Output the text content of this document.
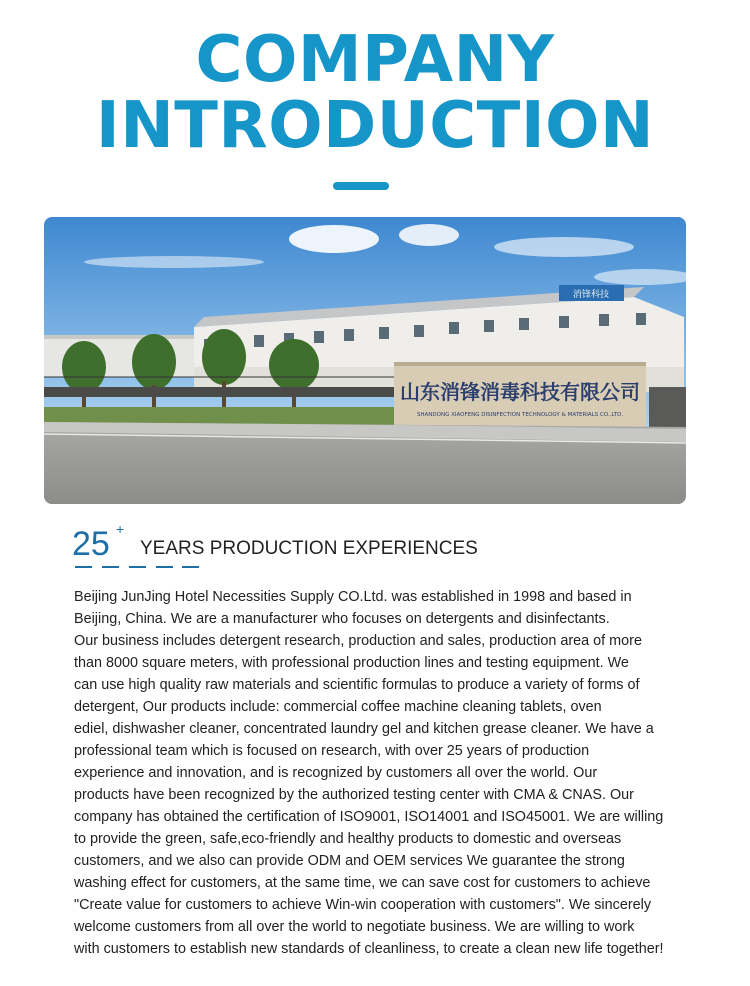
COMPANY
INTRODUCTION
消锋科技
山东消锋消毒科技有限公司
SHANDONG XIAOFENG DISINFECTION TECHNOLOGY & MATERIALS CO.,LTD.
25 +
YEARS PRODUCTION EXPERIENCES
Beijing JunJing Hotel Necessities Supply CO.Ltd. was established in 1998 and based in
Beijing, China. We are a manufacturer who focuses on detergents and disinfectants.
Our business includes detergent research, production and sales, production area of more
than 8000 square meters, with professional production lines and testing equipment. We
can use high quality raw materials and scientific formulas to produce a variety of forms of
detergent, Our products include: commercial coffee machine cleaning tablets, oven
ediel, dishwasher cleaner, concentrated laundry gel and kitchen grease cleaner. We have a
professional team which is focused on research, with over 25 years of production
experience and innovation, and is recognized by customers all over the world. Our
products have been recognized by the authorized testing center with CMA & CNAS. Our
company has obtained the certification of ISO9001, ISO14001 and ISO45001. We are willing
to provide the green, safe,eco-friendly and healthy products to domestic and overseas
customers, and we also can provide ODM and OEM services We guarantee the strong
washing effect for customers, at the same time, we can save cost for customers to achieve
"Create value for customers to achieve Win-win cooperation with customers". We sincerely
welcome customers from all over the world to negotiate business. We are willing to work
with customers to establish new standards of cleanliness, to create a clean new life together!
